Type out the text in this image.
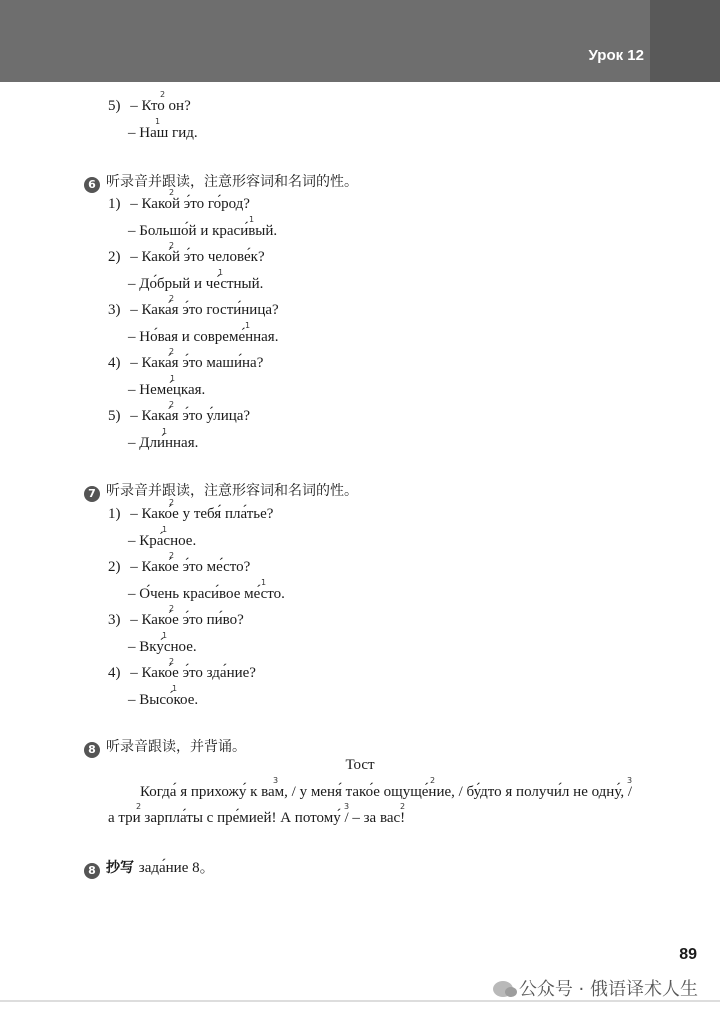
Урок 12
2
5) – Кто он?
1
– Наш гид.
6 听录音并跟读，注意形容词和名词的性。
2
1) – Какой э́то го́род?
1
– Большо́й и краси́вый.
2
2) – Како́й э́то челове́к?
1
– До́брый и че́стный.
2
3) – Кака́я э́то гости́ница?
1
– Но́вая и совреме́нная.
2
4) – Кака́я э́то маши́на?
1
– Неме́цкая.
2
5) – Кака́я э́то у́лица?
1
– Дли́нная.
7 听录音并跟读，注意形容词和名词的性。
2
1) – Како́е у тебя́ пла́тье?
1
– Кра́сное.
2
2) – Како́е э́то ме́сто?
1
– О́чень краси́вое ме́сто.
2
3) – Како́е э́то пи́во?
1
– Вку́сное.
2
4) – Како́е э́то зда́ние?
1
– Высо́кое.
8 听录音跟读，并背诵。
Тост
3	2	3
Когда́ я прихожу́ к вам, / у меня́ тако́е ощуще́ние, / бу́дто я получи́л не одну́, /
2	3	2
а три зарпла́ты с пре́мией! А потому́ / – за вас!
8 抄写 зада́ние 8。
89
公众号 · 俄语译术人生
